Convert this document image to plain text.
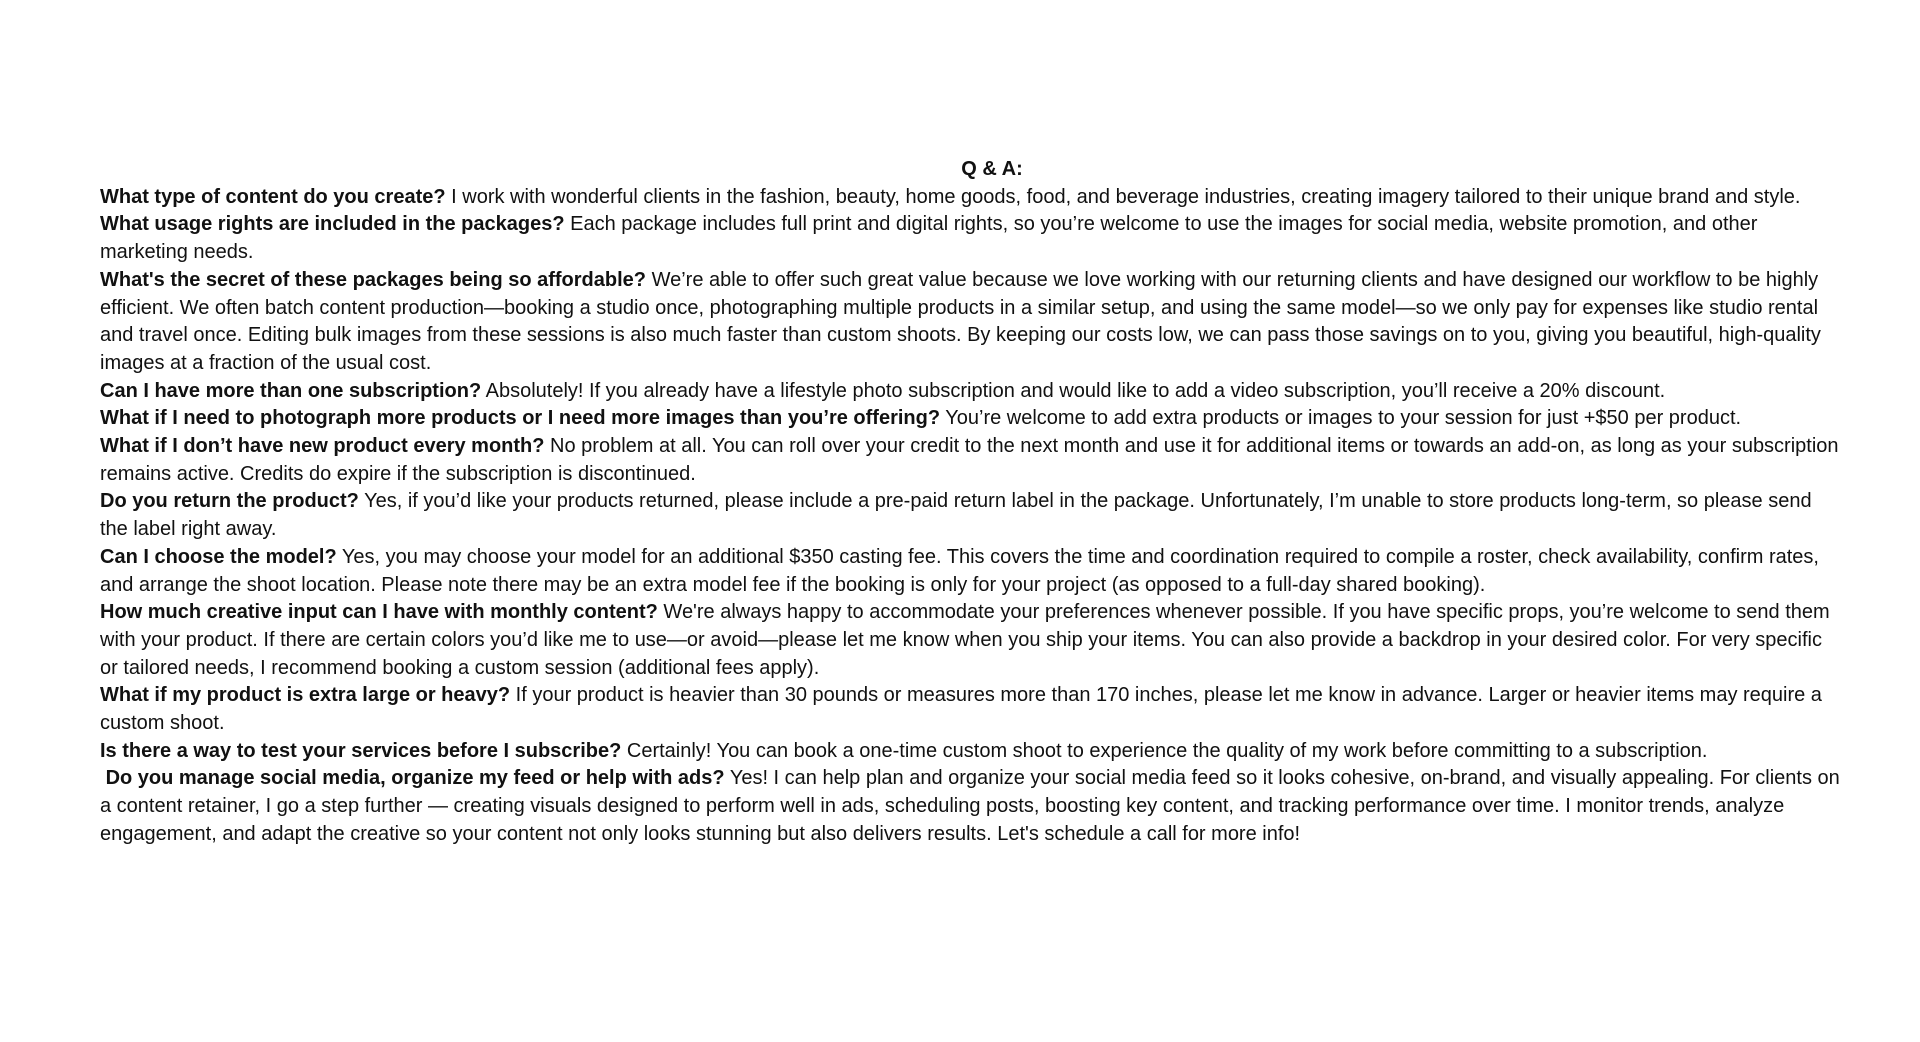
Q & A:

What type of content do you create? I work with wonderful clients in the fashion, beauty, home goods, food, and beverage industries, creating imagery tailored to their unique brand and style.

What usage rights are included in the packages? Each package includes full print and digital rights, so you’re welcome to use the images for social media, website promotion, and other marketing needs.

What's the secret of these packages being so affordable? We’re able to offer such great value because we love working with our returning clients and have designed our workflow to be highly efficient. We often batch content production—booking a studio once, photographing multiple products in a similar setup, and using the same model—so we only pay for expenses like studio rental and travel once. Editing bulk images from these sessions is also much faster than custom shoots. By keeping our costs low, we can pass those savings on to you, giving you beautiful, high-quality images at a fraction of the usual cost.

Can I have more than one subscription? Absolutely! If you already have a lifestyle photo subscription and would like to add a video subscription, you’ll receive a 20% discount.

What if I need to photograph more products or I need more images than you’re offering? You’re welcome to add extra products or images to your session for just +$50 per product.

What if I don’t have new product every month? No problem at all. You can roll over your credit to the next month and use it for additional items or towards an add-on, as long as your subscription remains active. Credits do expire if the subscription is discontinued.

Do you return the product? Yes, if you’d like your products returned, please include a pre-paid return label in the package. Unfortunately, I’m unable to store products long-term, so please send the label right away.

Can I choose the model? Yes, you may choose your model for an additional $350 casting fee. This covers the time and coordination required to compile a roster, check availability, confirm rates, and arrange the shoot location. Please note there may be an extra model fee if the booking is only for your project (as opposed to a full-day shared booking).

How much creative input can I have with monthly content? We're always happy to accommodate your preferences whenever possible. If you have specific props, you’re welcome to send them with your product. If there are certain colors you’d like me to use—or avoid—please let me know when you ship your items. You can also provide a backdrop in your desired color. For very specific or tailored needs, I recommend booking a custom session (additional fees apply).

What if my product is extra large or heavy? If your product is heavier than 30 pounds or measures more than 170 inches, please let me know in advance. Larger or heavier items may require a custom shoot.

Is there a way to test your services before I subscribe? Certainly! You can book a one-time custom shoot to experience the quality of my work before committing to a subscription.

Do you manage social media, organize my feed or help with ads? Yes! I can help plan and organize your social media feed so it looks cohesive, on-brand, and visually appealing. For clients on a content retainer, I go a step further — creating visuals designed to perform well in ads, scheduling posts, boosting key content, and tracking performance over time. I monitor trends, analyze engagement, and adapt the creative so your content not only looks stunning but also delivers results. Let's schedule a call for more info!
